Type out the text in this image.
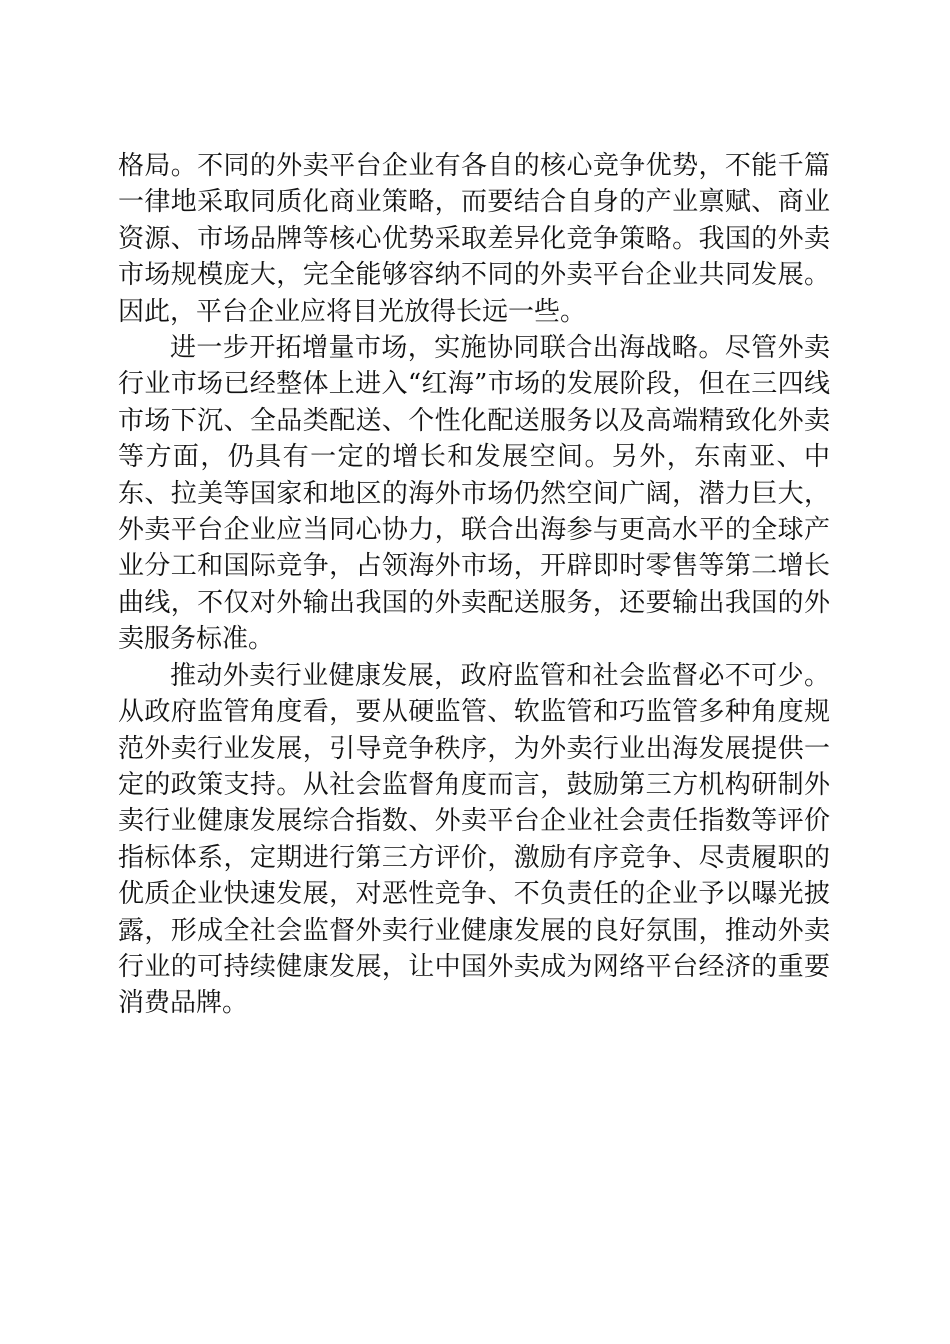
格局。不同的外卖平台企业有各自的核心竞争优势，不能千篇一律地采取同质化商业策略，而要结合自身的产业禀赋、商业资源、市场品牌等核心优势采取差异化竞争策略。我国的外卖市场规模庞大，完全能够容纳不同的外卖平台企业共同发展。因此，平台企业应将目光放得长远一些。

进一步开拓增量市场，实施协同联合出海战略。尽管外卖行业市场已经整体上进入“红海”市场的发展阶段，但在三四线市场下沉、全品类配送、个性化配送服务以及高端精致化外卖等方面，仍具有一定的增长和发展空间。另外，东南亚、中东、拉美等国家和地区的海外市场仍然空间广阔，潜力巨大，外卖平台企业应当同心协力，联合出海参与更高水平的全球产业分工和国际竞争，占领海外市场，开辟即时零售等第二增长曲线，不仅对外输出我国的外卖配送服务，还要输出我国的外卖服务标准。

推动外卖行业健康发展，政府监管和社会监督必不可少。从政府监管角度看，要从硬监管、软监管和巧监管多种角度规范外卖行业发展，引导竞争秩序，为外卖行业出海发展提供一定的政策支持。从社会监督角度而言，鼓励第三方机构研制外卖行业健康发展综合指数、外卖平台企业社会责任指数等评价指标体系，定期进行第三方评价，激励有序竞争、尽责履职的优质企业快速发展，对恶性竞争、不负责任的企业予以曝光披露，形成全社会监督外卖行业健康发展的良好氛围，推动外卖行业的可持续健康发展，让中国外卖成为网络平台经济的重要消费品牌。
